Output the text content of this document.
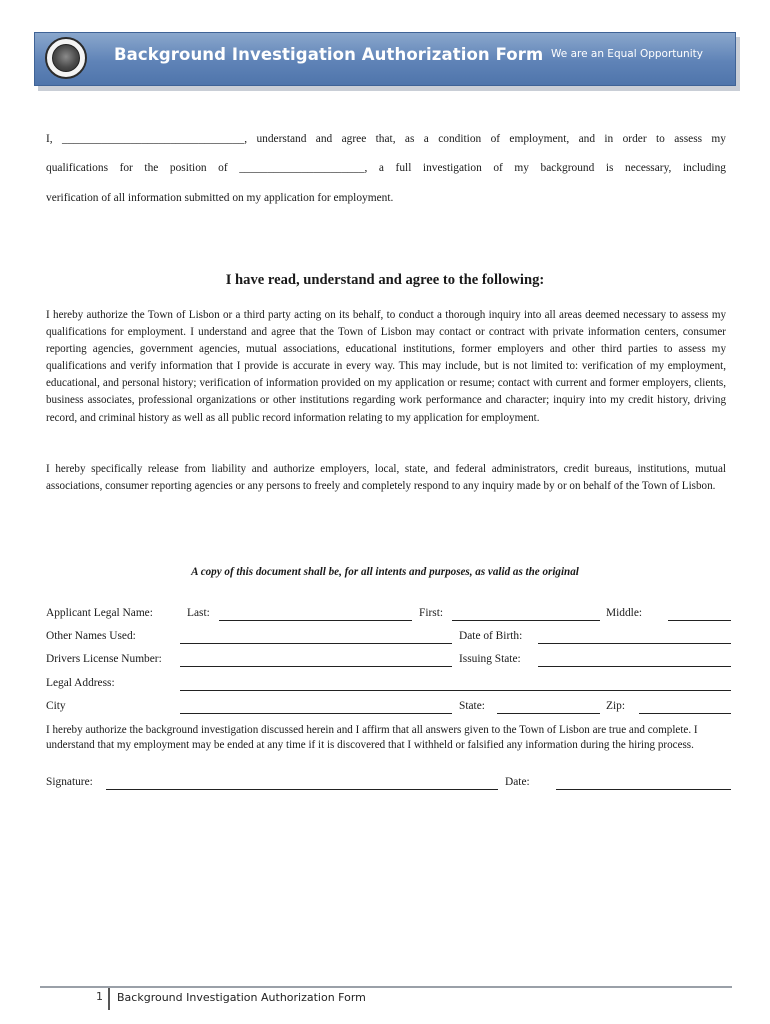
Background Investigation Authorization Form We are an Equal Opportunity
I, ________________________________, understand and agree that, as a condition of employment, and in order to assess my
qualifications for the position of ______________________, a full investigation of my background is necessary, including
verification of all information submitted on my application for employment.
I have read, understand and agree to the following:
I hereby authorize the Town of Lisbon or a third party acting on its behalf, to conduct a thorough inquiry into all areas deemed necessary to assess my qualifications for employment. I understand and agree that the Town of Lisbon may contact or contract with private information centers, consumer reporting agencies, government agencies, mutual associations, educational institutions, former employers and other third parties to assess my qualifications and verify information that I provide is accurate in every way. This may include, but is not limited to: verification of my employment, educational, and personal history; verification of information provided on my application or resume; contact with current and former employers, clients, business associates, professional organizations or other institutions regarding work performance and character; inquiry into my credit history, driving record, and criminal history as well as all public record information relating to my application for employment.
I hereby specifically release from liability and authorize employers, local, state, and federal administrators, credit bureaus, institutions, mutual associations, consumer reporting agencies or any persons to freely and completely respond to any inquiry made by or on behalf of the Town of Lisbon.
A copy of this document shall be, for all intents and purposes, as valid as the original
Applicant Legal Name:	Last:	First:	Middle:
Other Names Used:	Date of Birth:
Drivers License Number:	Issuing State:
Legal Address:
City	State:	Zip:
I hereby authorize the background investigation discussed herein and I affirm that all answers given to the Town of Lisbon are true and complete. I understand that my employment may be ended at any time if it is discovered that I withheld or falsified any information during the hiring process.
Signature:	Date:
1 Background Investigation Authorization Form
